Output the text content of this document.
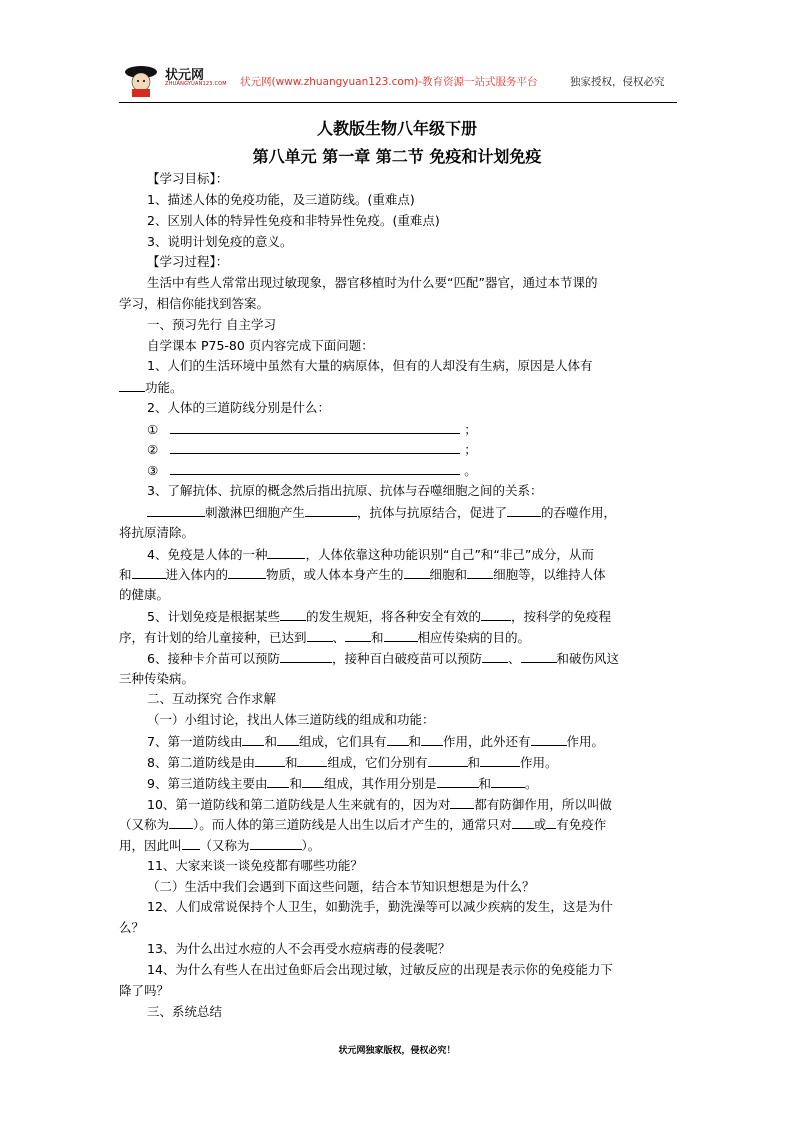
状元网
ZHUANGYUAN123.COM 状元网(www.zhuangyuan123.com)-教育资源一站式服务平台	独家授权，侵权必究
人教版生物八年级下册
第八单元 第一章 第二节 免疫和计划免疫
【学习目标】：
1、描述人体的免疫功能，及三道防线。(重难点)
2、区别人体的特异性免疫和非特异性免疫。(重难点)
3、说明计划免疫的意义。
【学习过程】：
生活中有些人常常出现过敏现象，器官移植时为什么要“匹配”器官，通过本节课的
学习，相信你能找到答案。
一、预习先行 自主学习
自学课本 P75-80 页内容完成下面问题：
1、人们的生活环境中虽然有大量的病原体，但有的人却没有生病，原因是人体有
功能。
2、人体的三道防线分别是什么：
①	；
②	；
③	。
3、了解抗体、抗原的概念然后指出抗原、抗体与吞噬细胞之间的关系：
刺激淋巴细胞产生	，抗体与抗原结合，促进了	的吞噬作用，
将抗原清除。
4、免疫是人体的一种	，人体依靠这种功能识别“自己”和“非己”成分，从而
和	进入体内的	物质，或人体本身产生的 细胞和 细胞等，以维持人体
的健康。
5、计划免疫是根据某些 的发生规矩，将各种安全有效的 ，按科学的免疫程
序，有计划的给儿童接种，已达到 、 和	相应传染病的目的。
6、接种卡介苗可以预防	，接种百白破疫苗可以预防 、	和破伤风这
三种传染病。
二、互动探究 合作求解
（一）小组讨论，找出人体三道防线的组成和功能：
7、第一道防线由 和 组成，它们具有 和 作用，此外还有	作用。
8、第二道防线是由 和 组成，它们分别有	和	作用。
9、第三道防线主要由 和 组成，其作用分别是	和	。
10、第一道防线和第二道防线是人生来就有的，因为对 都有防御作用，所以叫做
（又称为 ）。而人体的第三道防线是人出生以后才产生的，通常只对 或 有免疫作
用，因此叫 （又称为	）。
11、大家来谈一谈免疫都有哪些功能？
（二）生活中我们会遇到下面这些问题，结合本节知识想想是为什么？
12、人们成常说保持个人卫生，如勤洗手，勤洗澡等可以减少疾病的发生，这是为什
么？
13、为什么出过水痘的人不会再受水痘病毒的侵袭呢？
14、为什么有些人在出过鱼虾后会出现过敏，过敏反应的出现是表示你的免疫能力下
降了吗？
三、系统总结
状元网独家版权，侵权必究！
